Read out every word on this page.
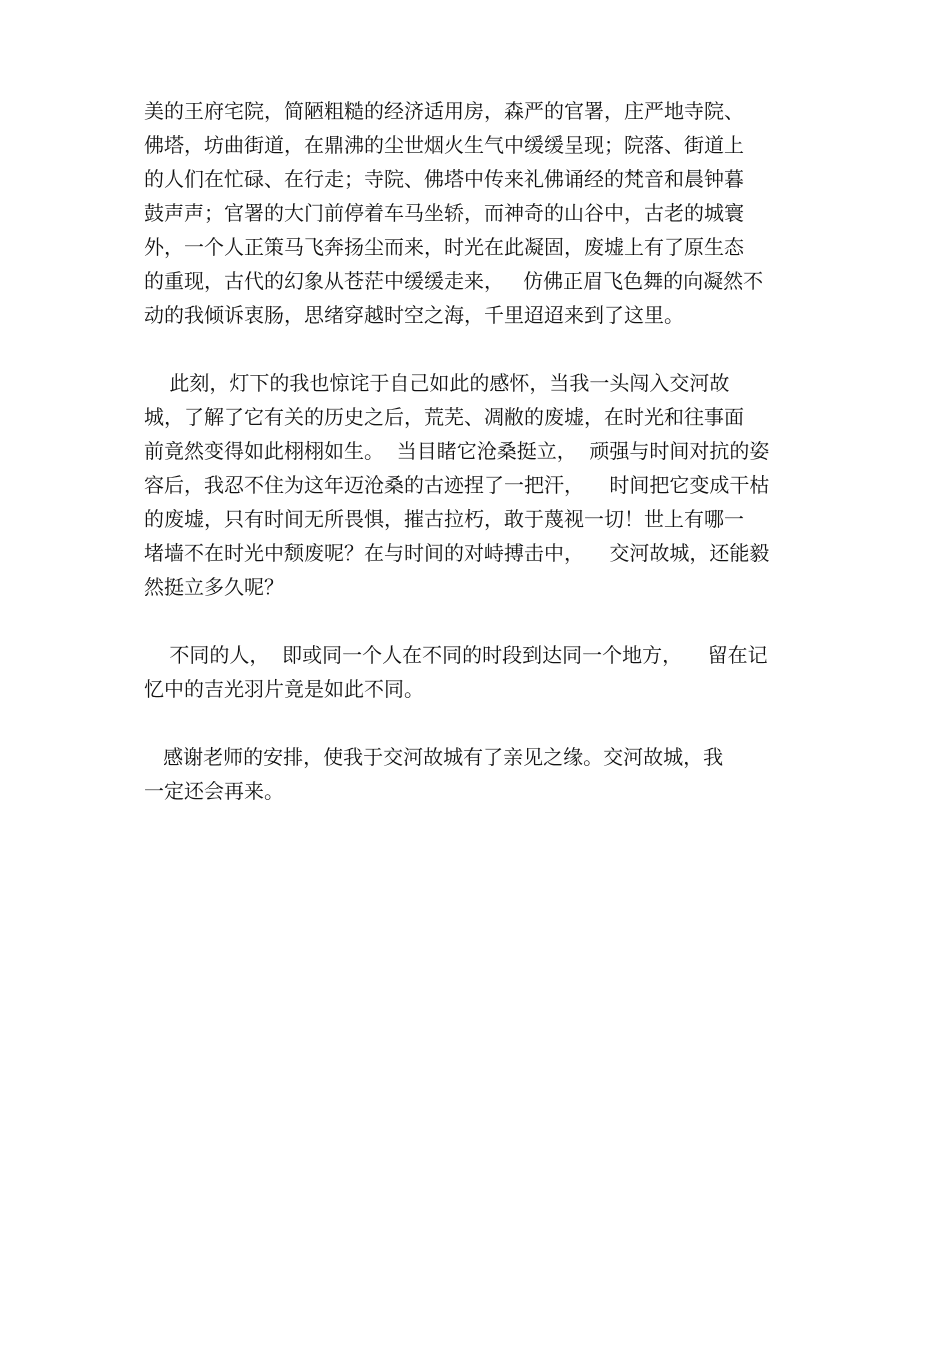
美的王府宅院，简陋粗糙的经济适用房，森严的官署，庄严地寺院、
佛塔，坊曲街道，在鼎沸的尘世烟火生气中缓缓呈现；院落、街道上
的人们在忙碌、在行走；寺院、佛塔中传来礼佛诵经的梵音和晨钟暮
鼓声声；官署的大门前停着车马坐轿，而神奇的山谷中，古老的城寰
外，一个人正策马飞奔扬尘而来，时光在此凝固，废墟上有了原生态
的重现，古代的幻象从苍茫中缓缓走来，   仿佛正眉飞色舞的向凝然不
动的我倾诉衷肠，思绪穿越时空之海，千里迢迢来到了这里。
此刻，灯下的我也惊诧于自己如此的感怀，当我一头闯入交河故
城，了解了它有关的历史之后，荒芜、凋敝的废墟，在时光和往事面
前竟然变得如此栩栩如生。  当目睹它沧桑挺立，  顽强与时间对抗的姿
容后，我忍不住为这年迈沧桑的古迹捏了一把汗，    时间把它变成干枯
的废墟，只有时间无所畏惧，摧古拉朽，敢于蔑视一切！世上有哪一
堵墙不在时光中颓废呢？在与时间的对峙搏击中，    交河故城，还能毅
然挺立多久呢？
不同的人，  即或同一个人在不同的时段到达同一个地方，    留在记
忆中的吉光羽片竟是如此不同。
感谢老师的安排，使我于交河故城有了亲见之缘。交河故城，我
一定还会再来。
